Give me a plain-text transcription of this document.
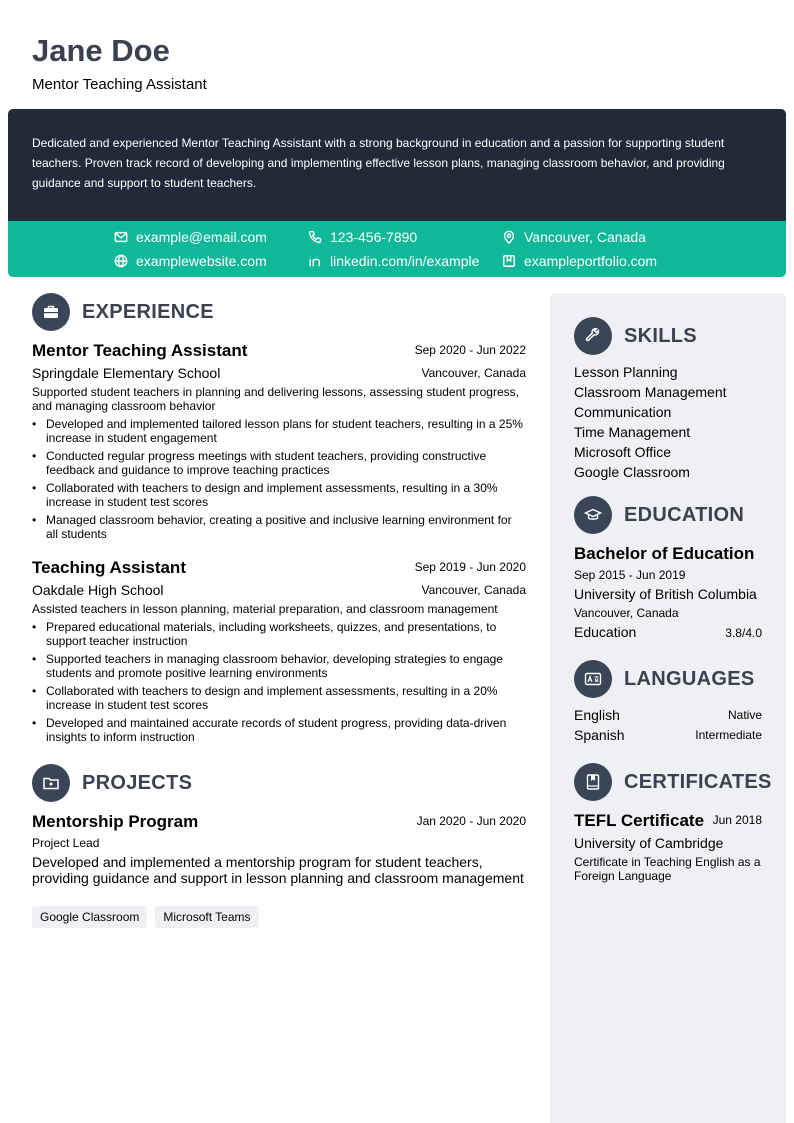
Jane Doe
Mentor Teaching Assistant
Dedicated and experienced Mentor Teaching Assistant with a strong background in education and a passion for supporting student teachers. Proven track record of developing and implementing effective lesson plans, managing classroom behavior, and providing guidance and support to student teachers.
example@email.com	123-456-7890	Vancouver, Canada
examplewebsite.com	linkedin.com/in/example	exampleportfolio.com
EXPERIENCE
Mentor Teaching Assistant	Sep 2020 - Jun 2022
Springdale Elementary School	Vancouver, Canada
Supported student teachers in planning and delivering lessons, assessing student progress, and managing classroom behavior
• Developed and implemented tailored lesson plans for student teachers, resulting in a 25% increase in student engagement
• Conducted regular progress meetings with student teachers, providing constructive feedback and guidance to improve teaching practices
• Collaborated with teachers to design and implement assessments, resulting in a 30% increase in student test scores
• Managed classroom behavior, creating a positive and inclusive learning environment for all students
Teaching Assistant	Sep 2019 - Jun 2020
Oakdale High School	Vancouver, Canada
Assisted teachers in lesson planning, material preparation, and classroom management
• Prepared educational materials, including worksheets, quizzes, and presentations, to support teacher instruction
• Supported teachers in managing classroom behavior, developing strategies to engage students and promote positive learning environments
• Collaborated with teachers to design and implement assessments, resulting in a 20% increase in student test scores
• Developed and maintained accurate records of student progress, providing data-driven insights to inform instruction
PROJECTS
Mentorship Program	Jan 2020 - Jun 2020
Project Lead
Developed and implemented a mentorship program for student teachers, providing guidance and support in lesson planning and classroom management
Google Classroom Microsoft Teams
SKILLS
Lesson Planning
Classroom Management
Communication
Time Management
Microsoft Office
Google Classroom
EDUCATION
Bachelor of Education
Sep 2015 - Jun 2019
University of British Columbia
Vancouver, Canada
Education	3.8/4.0
LANGUAGES
English	Native
Spanish	Intermediate
CERTIFICATES
TEFL Certificate Jun 2018
University of Cambridge
Certificate in Teaching English as a Foreign Language
